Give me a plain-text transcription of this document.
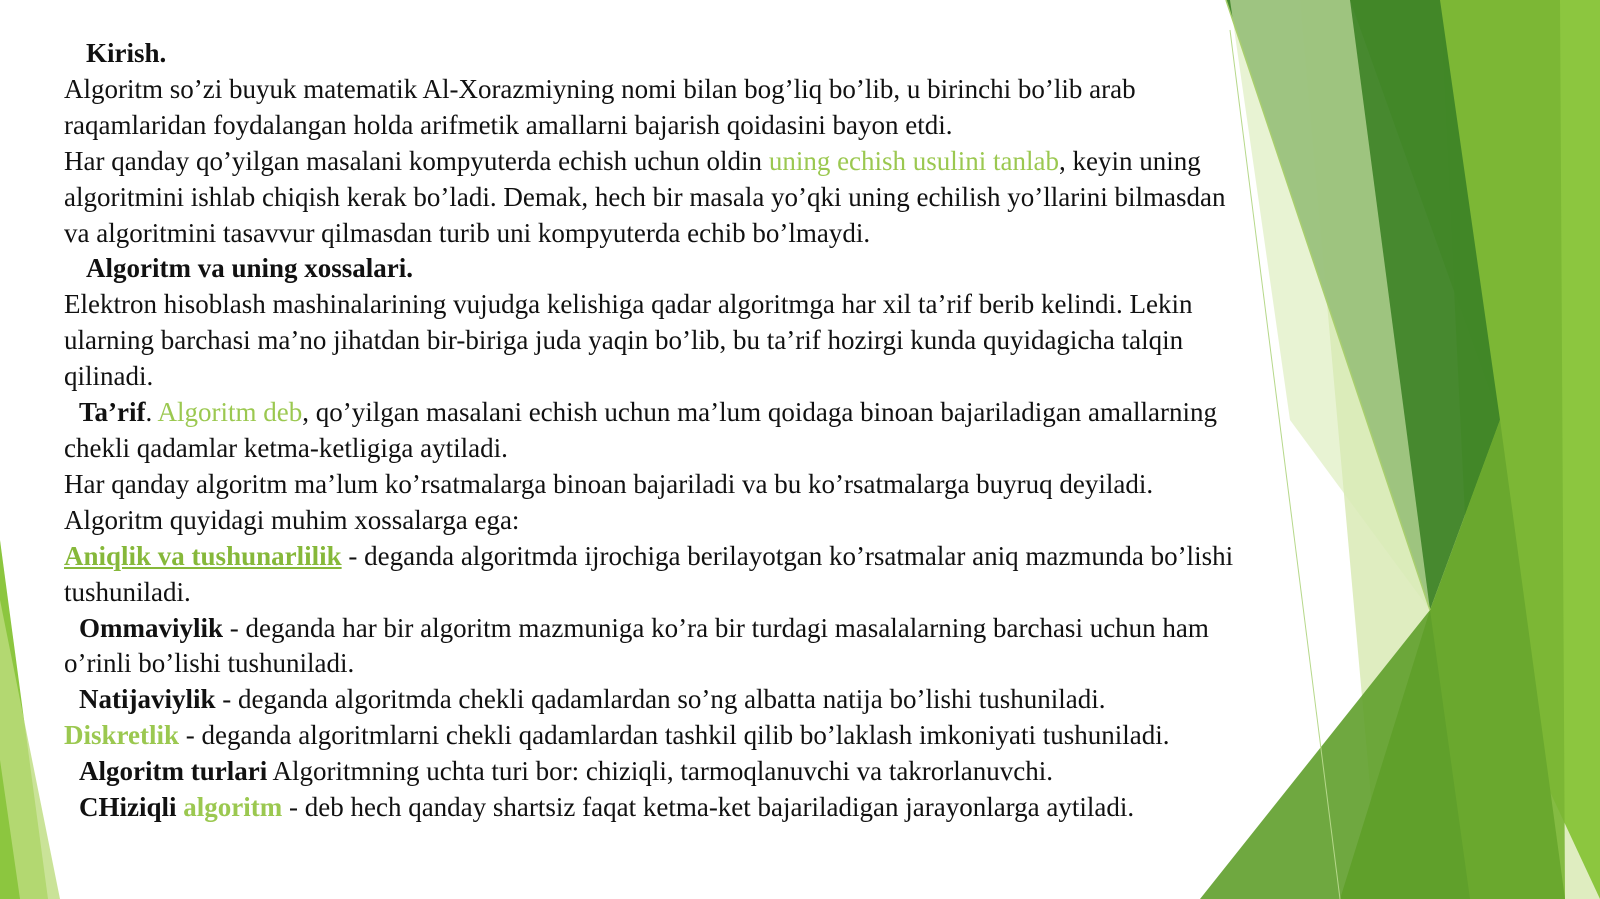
Kirish.
Algoritm so’zi buyuk matematik Al-Xorazmiyning nomi bilan bog’liq bo’lib, u birinchi bo’lib arab
raqamlaridan foydalangan holda arifmetik amallarni bajarish qoidasini bayon etdi.
Har qanday qo’yilgan masalani kompyuterda echish uchun oldin uning echish usulini tanlab, keyin uning
algoritmini ishlab chiqish kerak bo’ladi. Demak, hech bir masala yo’qki uning echilish yo’llarini bilmasdan
va algoritmini tasavvur qilmasdan turib uni kompyuterda echib bo’lmaydi.
Algoritm va uning xossalari.
Elektron hisoblash mashinalarining vujudga kelishiga qadar algoritmga har xil ta’rif berib kelindi. Lekin
ularning barchasi ma’no jihatdan bir-biriga juda yaqin bo’lib, bu ta’rif hozirgi kunda quyidagicha talqin
qilinadi.
Ta’rif. Algoritm deb, qo’yilgan masalani echish uchun ma’lum qoidaga binoan bajariladigan amallarning
chekli qadamlar ketma-ketligiga aytiladi.
Har qanday algoritm ma’lum ko’rsatmalarga binoan bajariladi va bu ko’rsatmalarga buyruq deyiladi.
Algoritm quyidagi muhim xossalarga ega:
Aniqlik va tushunarlilik - deganda algoritmda ijrochiga berilayotgan ko’rsatmalar aniq mazmunda bo’lishi
tushuniladi.
Ommaviylik - deganda har bir algoritm mazmuniga ko’ra bir turdagi masalalarning barchasi uchun ham
o’rinli bo’lishi tushuniladi.
Natijaviylik - deganda algoritmda chekli qadamlardan so’ng albatta natija bo’lishi tushuniladi.
Diskretlik - deganda algoritmlarni chekli qadamlardan tashkil qilib bo’laklash imkoniyati tushuniladi.
Algoritm turlari Algoritmning uchta turi bor: chiziqli, tarmoqlanuvchi va takrorlanuvchi.
CHiziqli algoritm - deb hech qanday shartsiz faqat ketma-ket bajariladigan jarayonlarga aytiladi.
